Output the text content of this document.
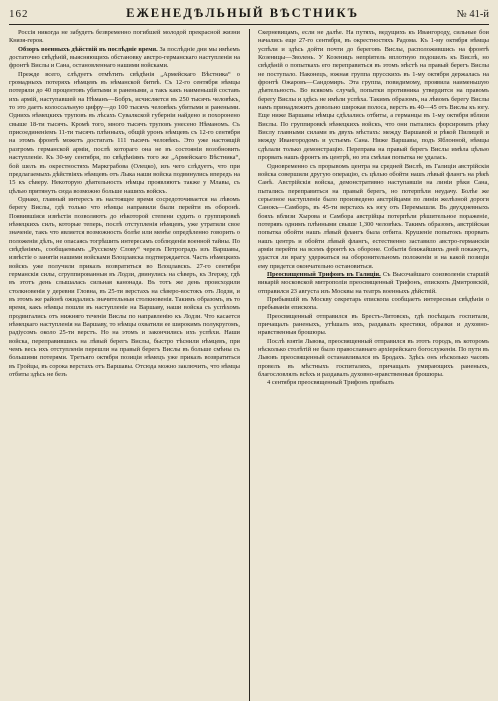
162	ЕЖЕНЕДѢЛЬНЫЙ ВѢСТНИКЪ	№ 41-й

Россія никогда не забудетъ безвременно погибшей молодой прекрасной жизни Князя-героя.

Обзоръ военныхъ дѣйствій въ послѣдніе время. За послѣдніе дни мы имѣемъ достаточно свѣдѣній, выясняющихъ обстановку австро-германскаго наступленія на фронтѣ Вислы и Сана, остановленнаго нашими войсками.

Прежде всего, слѣдуетъ отмѣтить свѣдѣнія „Армейскаго Вѣстника“ о громадныхъ потеряхъ нѣмцевъ въ нѣманской битвѣ. Съ 12-го сентября нѣмцы потеряли до 40 процентовъ убитыми и ранеными, а такъ какъ наименьшій составъ ихъ армій, наступавшей на Нѣманъ—Бобръ, исчисляется въ 250 тысячъ человѣкъ, то это даетъ колоссальную цифру—до 100 тысячъ человѣкъ убитыми и ранеными. Однихъ нѣмецкихъ труповъ въ лѣсахъ Сувалкской губерніи найдено и похоронено свыше 18-ти тысячъ. Кромѣ того, много тысячъ труповъ унесено Нѣманомъ. Съ присоединеніемъ 11-ти тысячъ плѣнныхъ, общій уронъ нѣмцевъ съ 12-го сентября на этомъ фронтѣ можетъ достигать 111 тысячъ человѣкъ. Это уже настоящій разгромъ германской арміи, послѣ котораго она не въ состояніи возобновить наступленіе. Къ 30-му сентября, по свѣдѣніямъ того же „Армейскаго Вѣстника“, бой шелъ въ окрестностяхъ Маркграбова (Олецко), изъ чего слѣдуетъ, что при предлагаемыхъ дѣйствіяхъ нѣмцевъ отъ Лыка наши войска подвинулись впередъ на 15 къ сѣверу. Некоторую дѣятельность нѣмцы проявляютъ также у Млавы, съ цѣлью притянуть сюда возможно больше нашихъ войскъ.

Однако, главный интересъ въ настоящее время сосредоточивается на лѣвомъ берегу Вислы, гдѣ только что нѣмцы направили были перейти въ оборонѣ. Появившіяся извѣстія позволяютъ до нѣкоторой степени судить о группировкѣ нѣмецкихъ силъ, которые теперь, послѣ отступленія нѣмцевъ, уже утратили свое значеніе, такъ что является возможность болѣе или менѣе опредѣленно говорить о положеніи дѣлъ, не опасаясь тогрѣшить интересамъ соблюденія военной тайны. По свѣдѣніямъ, сообщаемымъ „Русскому Слову“ черезъ Петроградъ изъ Варшавы, извѣстіе о занятіи нашими войсками Влоцлавска подтверждается. Часть нѣмецкихъ войскъ уже получили приказъ возвратиться во Влоцлавскъ. 27-го сентября германскія силы, сгруппированныя въ Лодзи, двинулись на сѣверъ, къ Згержу, гдѣ въ этотъ день слышалась сильная канонада. Въ тотъ же день происходили столкновенія у деревни Гловна, въ 25-ти верстахъ на сѣверо-востокъ отъ Лодзи, и въ этомъ же районѣ ожидались значительныя столкновенія. Такимъ образомъ, въ то время, какъ нѣмцы пошли въ наступленіе на Варшаву, наши войска съ успѣхомъ продвигались отъ нижняго теченія Вислы по направленію къ Лодзи. Что касается нѣмецкаго наступленія на Варшаву, то нѣмцы охватили ее широкимъ полукругомъ, радіусомъ около 25-ти верстъ. Но на этомъ и закончились ихъ успѣхи. Наши войска, переправившись на лѣвый берегъ Вислы, быстро тѣснили нѣмцевъ, при чемъ весь ихъ отступленія перешли на правый берегъ Вислы въ больше смѣны съ большими потерями. Третьяго октября позиціи нѣмецъ уже приказъ возвратиться въ Гройцы, въ сорока верстахъ отъ Варшавы. Отсюда можно заключить, что нѣмцы отбиты здѣсь не безъ

Скерневицамъ, если не далѣе. На путяхъ, ведущихъ къ Ивангороду, сильные бои начались еще 27-го сентября, въ окрестностяхъ Радома. Къ 1-му октября нѣмцы успѣли и здѣсь дойти почти до береговъ Вислы, расположившись на фронтѣ Козеницы—Зволень. У Козеницъ непріятель вплотную подошелъ къ Вислѣ, но свѣдѣній о попыткахъ его переправиться въ этомъ мѣстѣ на правый берегъ Вислы не поступало. Наконецъ, южная группа прусскихъ въ 1-му октября держалась на фронтѣ Ожаровъ—Сандомиръ. Эта группа, повидимому, проявила наименьшую дѣятельность. Во всякомъ случаѣ, попытки противника утвердится на правомъ берегу Вислы и здѣсь не имѣли успѣха. Такимъ образомъ, на лѣвомъ берегу Вислы намъ принадлежитъ довольно широкая полоса, верстъ въ 40—45 отъ Вислы къ югу. Еще ниже Варшавы нѣмцы сдѣлались отбиты, а германцы въ 1-му октября вблизи Вислы. По группировкѣ нѣмецкихъ войскъ, что они пытались форсировать рѣку Вислу главными силами въ двухъ мѣстахъ: между Варшавой и рѣкой Пилицей и между Ивангородомъ и устьемъ Сана. Ниже Варшавы, подъ Яблонной, нѣмцы сдѣлали только демонстрацію. Переправа на правый берегъ Вислы имѣла цѣлью прорвать нашъ фронтъ въ центрѣ, но эта смѣлая попытка не удалась.

Одновременно съ прорывомъ центра на средней Вислѣ, въ Галиціи австрійскія войска совершили другую операцію, съ цѣлью обойти нашъ лѣвый флангъ на рѣкѣ Санѣ. Австрійскія войска, демонстративно наступавшія на линіи рѣки Сана, пытались переправиться на правый берегъ, но потерпѣли неудачу. Болѣе же серьезное наступленіе было произведено австрійцами по линіи желѣзной дороги Санокъ—Самборъ, въ 45-ти верстахъ къ югу отъ Перемышля. Въ двухдневныхъ бояхъ вблизи Хырова и Самбора австрійцы потерпѣли рѣшительное пораженіе, потерявъ однимъ плѣнными свыше 1,300 человѣкъ. Такимъ образомъ, австрійская попытка обойти нашъ лѣвый флангъ была отбита. Крушеніе попытокъ прорвать нашъ центръ и обойти лѣвый флангъ, естественно заставило австро-германскія арміи перейти на всемъ фронтѣ къ обороне. Событія ближайшихъ дней покажутъ, удастся ли врагу удержаться на оборонительномъ положеніи и на какой позиціи ему придется окончательно остановиться.

Преосвященный Трифонъ въ Галиціи. Съ Высочайшаго соизволенія старшій викарій московской митрополіи преосвященный Трифонъ, епископъ Дмитровскій, отправился 23 августа изъ Москвы на театръ военныхъ дѣйствій.

Прибывшій въ Москву секретарь епископа сообщаетъ интересныя свѣдѣнія о пребываніи епископа.

Преосвященный отправился въ Брестъ-Литовскъ, гдѣ посѣщалъ госпитали, причащалъ раненыхъ, утѣшалъ ихъ, раздавалъ крестики, образки и духовно-нравственныя брошюры.

Послѣ взятія Львова, преосвященный отправился въ этотъ городъ, въ которомъ нѣсколько столѣтій не было православнаго архіерейскаго богослуженія. По пути въ Львовъ преосвященный останавливался въ Бродахъ. Здѣсь онъ нѣсколько часовъ провелъ въ мѣстныхъ госпиталяхъ, причащалъ умирающихъ раненыхъ, благословлялъ всѣхъ и раздавалъ духовно-нравственныя брошюры.

4 сентября преосвященный Трифонъ прибылъ
